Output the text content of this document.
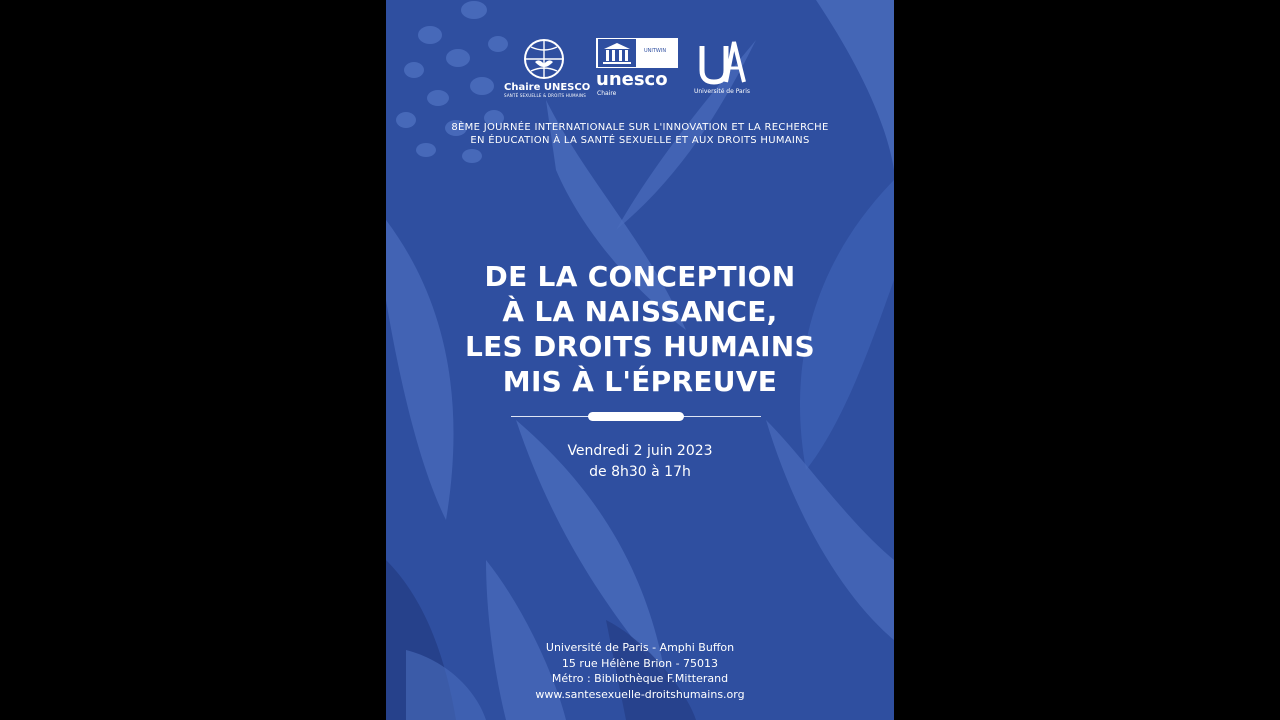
Chaire UNESCO
SANTÉ SEXUELLE & DROITS HUMAINS
UNITWIN
unesco
Chaire	Université de Paris
8ÈME JOURNÉE INTERNATIONALE SUR L'INNOVATION ET LA RECHERCHE
EN ÉDUCATION À LA SANTÉ SEXUELLE ET AUX DROITS HUMAINS
DE LA CONCEPTION
À LA NAISSANCE,
LES DROITS HUMAINS
MIS À L'ÉPREUVE
Vendredi 2 juin 2023
de 8h30 à 17h
Université de Paris - Amphi Buffon
15 rue Hélène Brion - 75013
Métro : Bibliothèque F.Mitterand
www.santesexuelle-droitshumains.org
